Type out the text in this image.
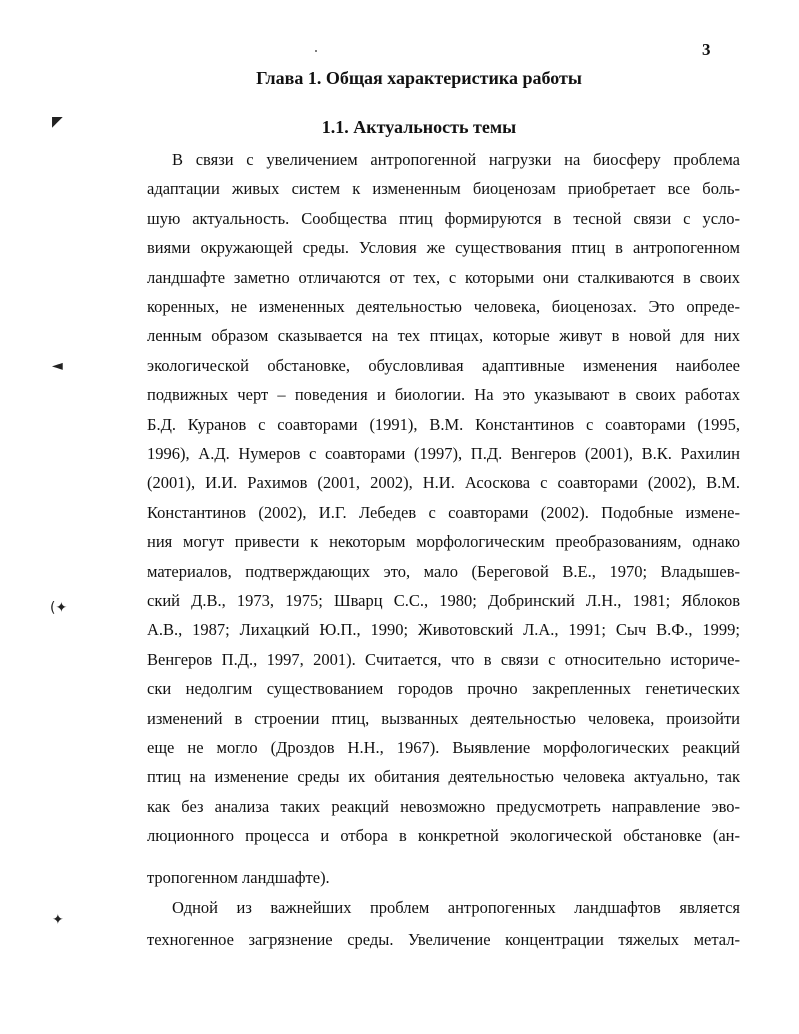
3
Глава 1. Общая характеристика работы
1.1. Актуальность темы
В связи с увеличением антропогенной нагрузки на биосферу проблема
адаптации живых систем к измененным биоценозам приобретает все боль-
шую актуальность. Сообщества птиц формируются в тесной связи с усло-
виями окружающей среды. Условия же существования птиц в антропогенном
ландшафте заметно отличаются от тех, с которыми они сталкиваются в своих
коренных, не измененных деятельностью человека, биоценозах. Это опреде-
ленным образом сказывается на тех птицах, которые живут в новой для них
экологической обстановке, обусловливая адаптивные изменения наиболее
подвижных черт – поведения и биологии. На это указывают в своих работах
Б.Д. Куранов с соавторами (1991), В.М. Константинов с соавторами (1995,
1996), А.Д. Нумеров с соавторами (1997), П.Д. Венгеров (2001), В.К. Рахилин
(2001), И.И. Рахимов (2001, 2002), Н.И. Асоскова с соавторами (2002), В.М.
Константинов (2002), И.Г. Лебедев с соавторами (2002). Подобные измене-
ния могут привести к некоторым морфологическим преобразованиям, однако
материалов, подтверждающих это, мало (Береговой В.Е., 1970; Владышев-
ский Д.В., 1973, 1975; Шварц С.С., 1980; Добринский Л.Н., 1981; Яблоков
А.В., 1987; Лихацкий Ю.П., 1990; Животовский Л.А., 1991; Сыч В.Ф., 1999;
Венгеров П.Д., 1997, 2001). Считается, что в связи с относительно историче-
ски недолгим существованием городов прочно закрепленных генетических
изменений в строении птиц, вызванных деятельностью человека, произойти
еще не могло (Дроздов Н.Н., 1967). Выявление морфологических реакций
птиц на изменение среды их обитания деятельностью человека актуально, так
как без анализа таких реакций невозможно предусмотреть направление эво-
люционного процесса и отбора в конкретной экологической обстановке (ан-
тропогенном ландшафте).
Одной из важнейших проблем антропогенных ландшафтов является
техногенное загрязнение среды. Увеличение концентрации тяжелых метал-
◤
◄
(✦
✦
